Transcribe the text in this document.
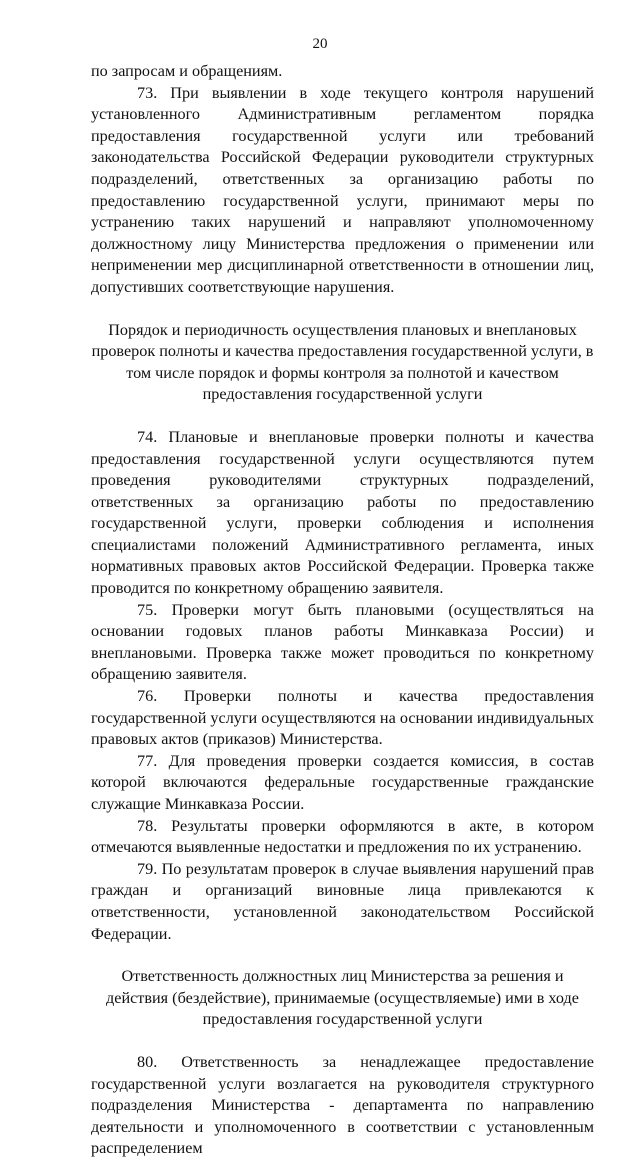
20

по запросам и обращениям.

73. При выявлении в ходе текущего контроля нарушений установленного Административным регламентом порядка предоставления государственной услуги или требований законодательства Российской Федерации руководители структурных подразделений, ответственных за организацию работы по предоставлению государственной услуги, принимают меры по устранению таких нарушений и направляют уполномоченному должностному лицу Министерства предложения о применении или неприменении мер дисциплинарной ответственности в отношении лиц, допустивших соответствующие нарушения.

Порядок и периодичность осуществления плановых и внеплановых проверок полноты и качества предоставления государственной услуги, в том числе порядок и формы контроля за полнотой и качеством предоставления государственной услуги

74. Плановые и внеплановые проверки полноты и качества предоставления государственной услуги осуществляются путем проведения руководителями структурных подразделений, ответственных за организацию работы по предоставлению государственной услуги, проверки соблюдения и исполнения специалистами положений Административного регламента, иных нормативных правовых актов Российской Федерации. Проверка также проводится по конкретному обращению заявителя.

75. Проверки могут быть плановыми (осуществляться на основании годовых планов работы Минкавказа России) и внеплановыми. Проверка также может проводиться по конкретному обращению заявителя.

76. Проверки полноты и качества предоставления государственной услуги осуществляются на основании индивидуальных правовых актов (приказов) Министерства.

77. Для проведения проверки создается комиссия, в состав которой включаются федеральные государственные гражданские служащие Минкавказа России.

78. Результаты проверки оформляются в акте, в котором отмечаются выявленные недостатки и предложения по их устранению.

79. По результатам проверок в случае выявления нарушений прав граждан и организаций виновные лица привлекаются к ответственности, установленной законодательством Российской Федерации.

Ответственность должностных лиц Министерства за решения и действия (бездействие), принимаемые (осуществляемые) ими в ходе предоставления государственной услуги

80. Ответственность за ненадлежащее предоставление государственной услуги возлагается на руководителя структурного подразделения Министерства - департамента по направлению деятельности и уполномоченного в соответствии с установленным распределением
